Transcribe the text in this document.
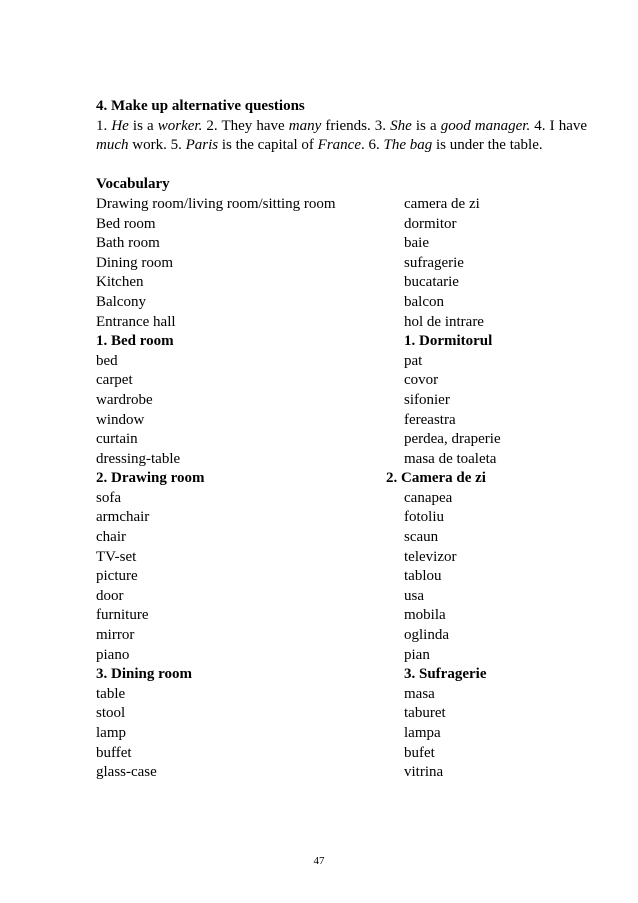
4. Make up alternative questions
1. He is a worker. 2. They have many friends. 3. She is a good manager. 4. I have much work. 5. Paris is the capital of France. 6. The bag is under the table.
Vocabulary
Drawing room/living room/sitting room	camera de zi
Bed room	dormitor
Bath room	baie
Dining room	sufragerie
Kitchen	bucatarie
Balcony	balcon
Entrance hall	hol de intrare
1. Bed room	1. Dormitorul
bed	pat
carpet	covor
wardrobe	sifonier
window	fereastra
curtain	perdea, draperie
dressing-table	masa de toaleta
2. Drawing room	2. Camera de zi
sofa	canapea
armchair	fotoliu
chair	scaun
TV-set	televizor
picture	tablou
door	usa
furniture	mobila
mirror	oglinda
piano	pian
3. Dining room	3. Sufragerie
table	masa
stool	taburet
lamp	lampa
buffet	bufet
glass-case	vitrina
47
